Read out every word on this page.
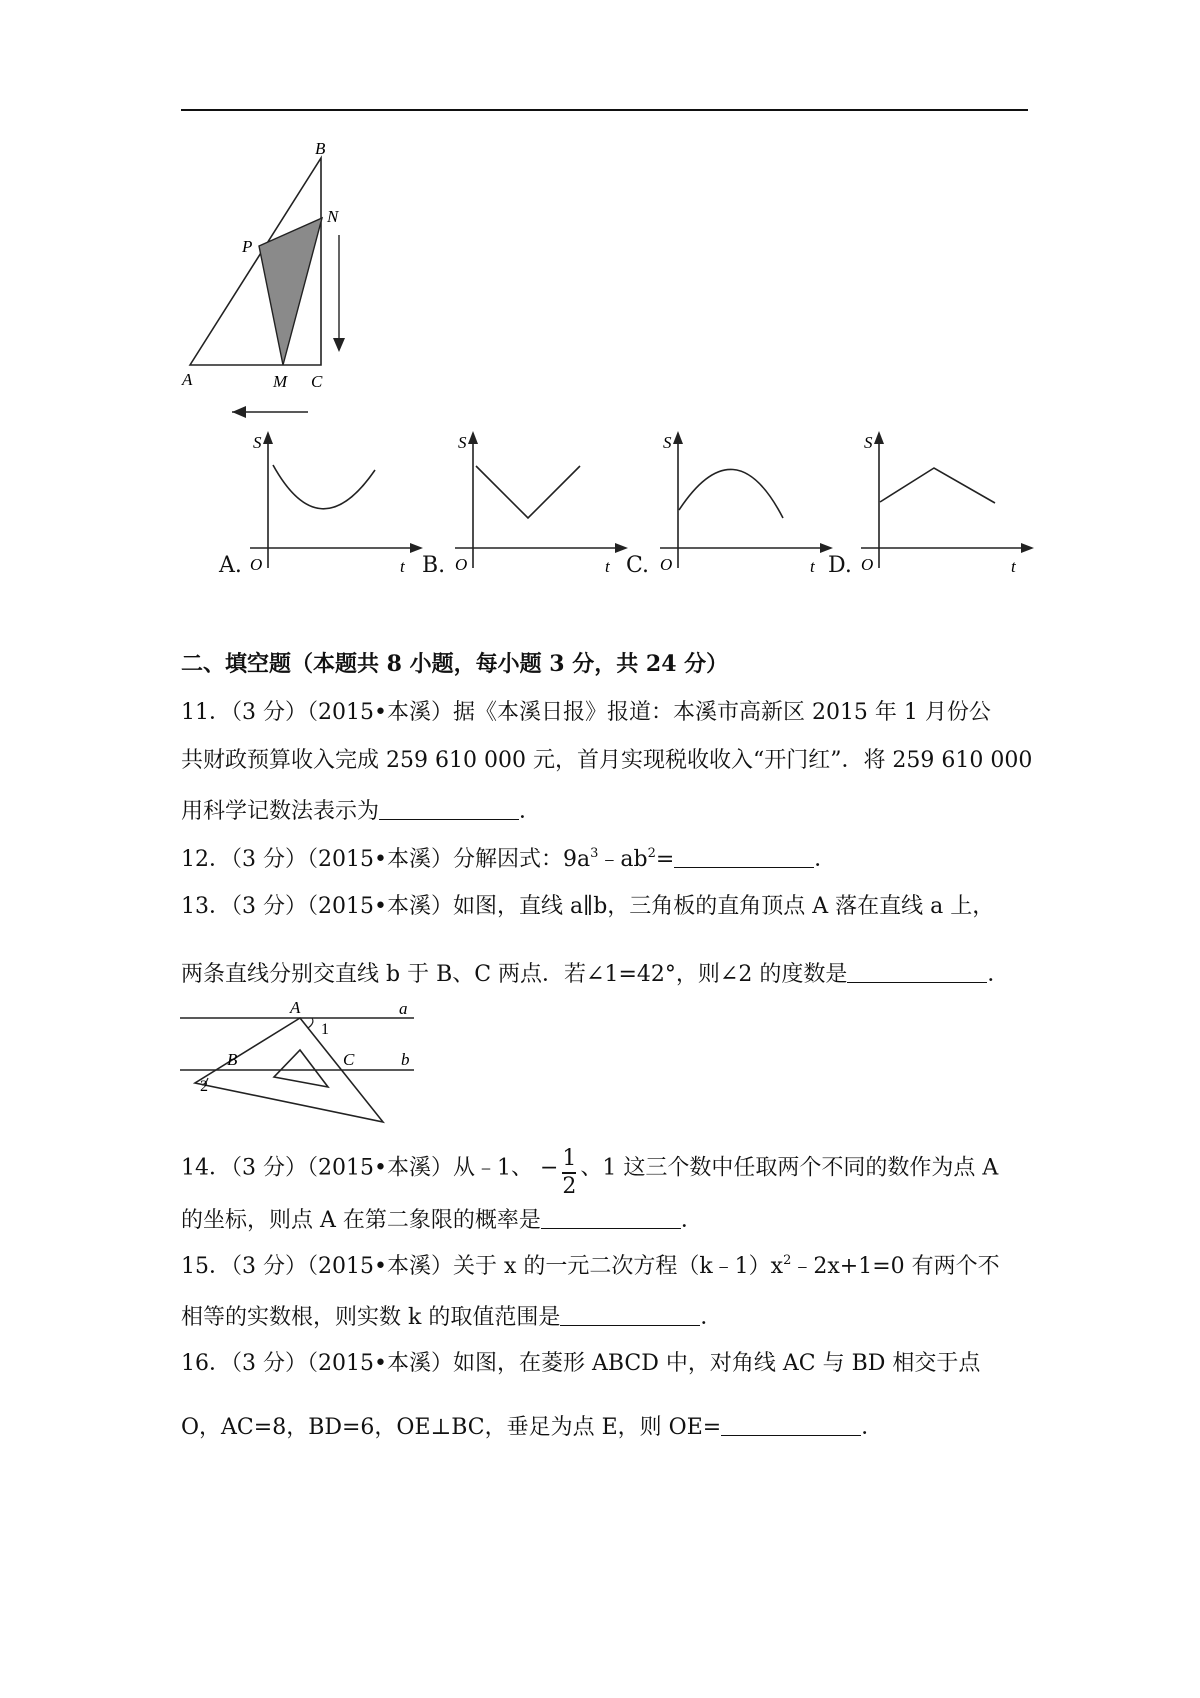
B
N
P
A	M C
A.
S
t
O	B.
S
t
O	C.
S
t
O	D.
S
t
O
二、填空题（本题共 8 小题，每小题 3 分，共 24 分）
11．（3 分）（2015•本溪）据《本溪日报》报道：本溪市高新区 2015 年 1 月份公
共财政预算收入完成 259 610 000 元，首月实现税收收入“开门红”．将 259 610 000
用科学记数法表示为	．
12．（3 分）（2015•本溪）分解因式：$9a^3﹣ab^2=$	．
13．（3 分）（2015•本溪）如图，直线 a∥b，三角板的直角顶点 A 落在直线 a 上，
两条直线分别交直线 b 于 B、C 两点．若∠1=42°，则∠2 的度数是	．
A	a
1
B	C	b
2
14．（3 分）（2015•本溪）从﹣1、 − $\frac{1}{2}$ 、1 这三个数中任取两个不同的数作为点 A
的坐标，则点 A 在第二象限的概率是	．
15．（3 分）（2015•本溪）关于 x 的一元二次方程$(k﹣1)x^2﹣2x+1=0$ 有两个不
相等的实数根，则实数 k 的取值范围是	．
16．（3 分）（2015•本溪）如图，在菱形 ABCD 中，对角线 AC 与 BD 相交于点
O，AC=8，BD=6，OE⊥BC，垂足为点 E，则 OE=	．
